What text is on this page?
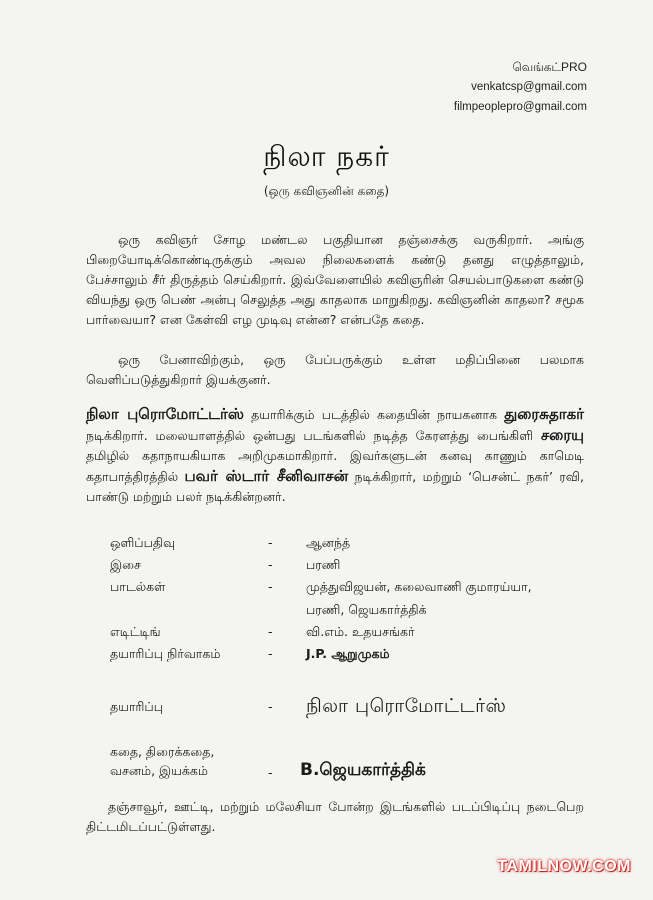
வெங்கட்PRO
venkatcsp@gmail.com
filmpeoplepro@gmail.com
நிலா நகர்
(ஒரு கவிஞனின் கதை)
ஒரு கவிஞர் சோழ மண்டல பகுதியான தஞ்சைக்கு வருகிறார். அங்கு பிறையோடிக்கொண்டிருக்கும் அவல நிலைகளைக் கண்டு தனது எழுத்தாலும், பேச்சாலும் சீர் திருத்தம் செய்கிறார். இவ்வேளையில் கவிஞரின் செயல்பாடுகளை கண்டு வியந்து ஒரு பெண் அன்பு செலுத்த அது காதலாக மாறுகிறது. கவிஞனின் காதலா? சமூக பார்வையா? என கேள்வி எழ முடிவு என்ன? என்பதே கதை.
ஒரு பேனாவிற்கும், ஒரு பேப்பருக்கும் உள்ள மதிப்பினை பலமாக வெளிப்படுத்துகிறார் இயக்குனர்.
நிலா புரொமோட்டர்ஸ் தயாரிக்கும் படத்தில் கதையின் நாயகனாக துரைசுதாகர் நடிக்கிறார். மலையாளத்தில் ஒன்பது படங்களில் நடித்த கேரளத்து பைங்கிளி சரையு தமிழில் கதாநாயகியாக அறிமுகமாகிறார். இவர்களுடன் கனவு காணும் காமெடி கதாபாத்திரத்தில் பவர் ஸ்டார் சீனிவாசன் நடிக்கிறார், மற்றும் ‘பெசன்ட் நகர்’ ரவி, பாண்டு மற்றும் பலர் நடிக்கின்றனர்.
ஒளிப்பதிவு	-	ஆனந்த்
இசை	-	பரணி
பாடல்கள்	-	முத்துவிஜயன், கலைவாணி குமாரய்யா,
பரணி, ஜெயகார்த்திக்
எடிட்டிங்	-	வி.எம். உதயசங்கர்
தயாரிப்பு நிர்வாகம்	-	J.P. ஆறுமுகம்
தயாரிப்பு	- நிலா புரொமோட்டர்ஸ்
கதை, திரைக்கதை,
வசனம், இயக்கம்	-	B.ஜெயகார்த்திக்
தஞ்சாவூர், ஊட்டி, மற்றும் மலேசியா போன்ற இடங்களில் படப்பிடிப்பு நடைபெற திட்டமிடப்பட்டுள்ளது.
TAMILNOW.COM
